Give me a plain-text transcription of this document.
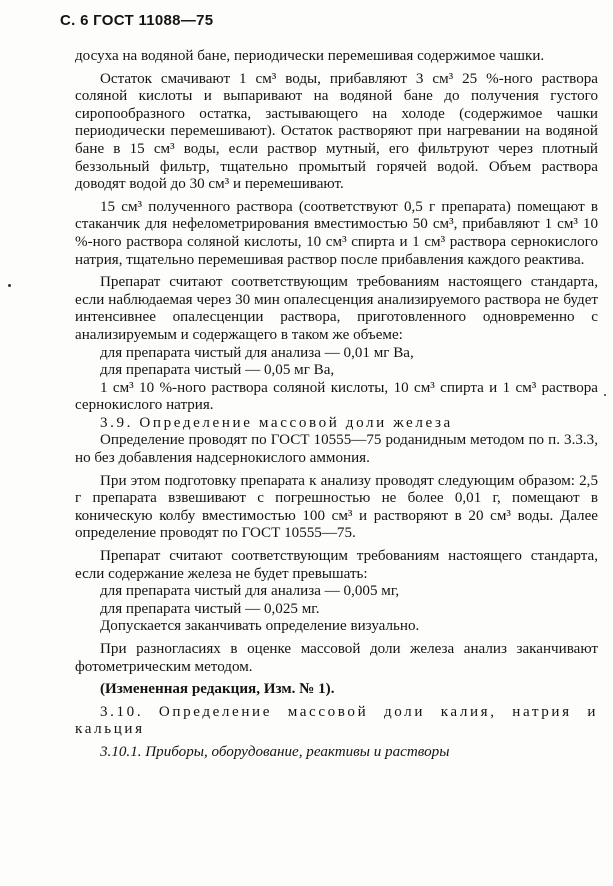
С. 6 ГОСТ 11088—75

досуха на водяной бане, периодически перемешивая содержимое чашки.

Остаток смачивают 1 см³ воды, прибавляют 3 см³ 25 %-ного раствора соляной кислоты и выпаривают на водяной бане до получения густого сиропообразного остатка, застывающего на холоде (содержимое чашки периодически перемешивают). Остаток растворяют при нагревании на водяной бане в 15 см³ воды, если раствор мутный, его фильтруют через плотный беззольный фильтр, тщательно промытый горячей водой. Объем раствора доводят водой до 30 см³ и перемешивают.

15 см³ полученного раствора (соответствуют 0,5 г препарата) помещают в стаканчик для нефелометрирования вместимостью 50 см³, прибавляют 1 см³ 10 %-ного раствора соляной кислоты, 10 см³ спирта и 1 см³ раствора сернокислого натрия, тщательно перемешивая раствор после прибавления каждого реактива.

Препарат считают соответствующим требованиям настоящего стандарта, если наблюдаемая через 30 мин опалесценция анализируемого раствора не будет интенсивнее опалесценции раствора, приготовленного одновременно с анализируемым и содержащего в таком же объеме:

для препарата чистый для анализа — 0,01 мг Ва,

для препарата чистый — 0,05 мг Ва,

1 см³ 10 %-ного раствора соляной кислоты, 10 см³ спирта и 1 см³ раствора сернокислого натрия.

3.9. Определение массовой доли железа

Определение проводят по ГОСТ 10555—75 роданидным методом по п. 3.3.3, но без добавления надсернокислого аммония.

При этом подготовку препарата к анализу проводят следующим образом: 2,5 г препарата взвешивают с погрешностью не более 0,01 г, помещают в коническую колбу вместимостью 100 см³ и растворяют в 20 см³ воды. Далее определение проводят по ГОСТ 10555—75.

Препарат считают соответствующим требованиям настоящего стандарта, если содержание железа не будет превышать:

для препарата чистый для анализа — 0,005 мг,

для препарата чистый — 0,025 мг.

Допускается заканчивать определение визуально.

При разногласиях в оценке массовой доли железа анализ заканчивают фотометрическим методом.

(Измененная редакция, Изм. № 1).

3.10. Определение массовой доли калия, натрия и кальция

3.10.1. Приборы, оборудование, реактивы и растворы
